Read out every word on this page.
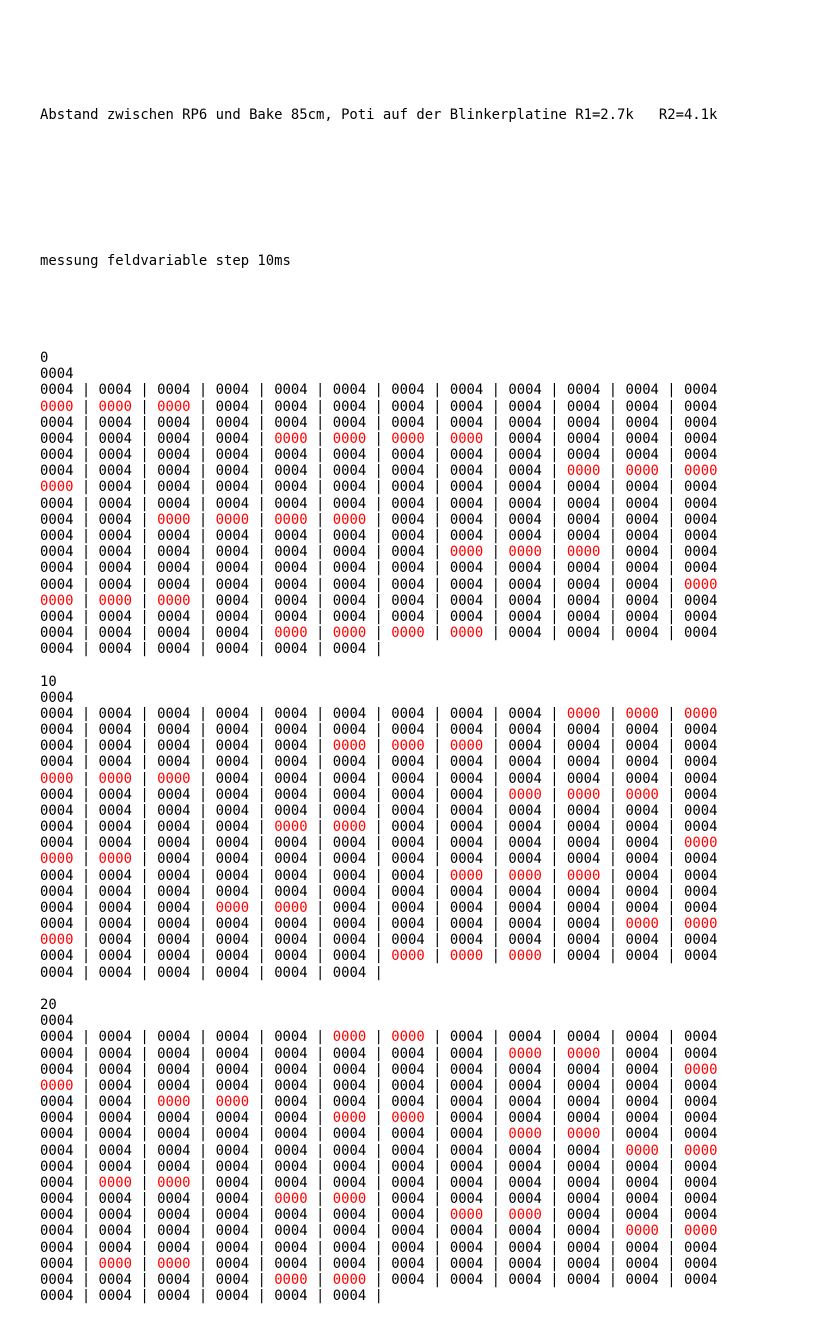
Abstand zwischen RP6 und Bake 85cm, Poti auf der Blinkerplatine R1=2.7k   R2=4.1k

messung feldvariable step 10ms

0
0004
0004 | 0004 | 0004 | 0004 | 0004 | 0004 | 0004 | 0004 | 0004 | 0004 | 0004 | 0004
0000 | 0000 | 0000 | 0004 | 0004 | 0004 | 0004 | 0004 | 0004 | 0004 | 0004 | 0004
0004 | 0004 | 0004 | 0004 | 0004 | 0004 | 0004 | 0004 | 0004 | 0004 | 0004 | 0004
0004 | 0004 | 0004 | 0004 | 0000 | 0000 | 0000 | 0000 | 0004 | 0004 | 0004 | 0004
0004 | 0004 | 0004 | 0004 | 0004 | 0004 | 0004 | 0004 | 0004 | 0004 | 0004 | 0004
0004 | 0004 | 0004 | 0004 | 0004 | 0004 | 0004 | 0004 | 0004 | 0000 | 0000 | 0000
0000 | 0004 | 0004 | 0004 | 0004 | 0004 | 0004 | 0004 | 0004 | 0004 | 0004 | 0004
0004 | 0004 | 0004 | 0004 | 0004 | 0004 | 0004 | 0004 | 0004 | 0004 | 0004 | 0004
0004 | 0004 | 0000 | 0000 | 0000 | 0000 | 0004 | 0004 | 0004 | 0004 | 0004 | 0004
0004 | 0004 | 0004 | 0004 | 0004 | 0004 | 0004 | 0004 | 0004 | 0004 | 0004 | 0004
0004 | 0004 | 0004 | 0004 | 0004 | 0004 | 0004 | 0000 | 0000 | 0000 | 0004 | 0004
0004 | 0004 | 0004 | 0004 | 0004 | 0004 | 0004 | 0004 | 0004 | 0004 | 0004 | 0004
0004 | 0004 | 0004 | 0004 | 0004 | 0004 | 0004 | 0004 | 0004 | 0004 | 0004 | 0000
0000 | 0000 | 0000 | 0004 | 0004 | 0004 | 0004 | 0004 | 0004 | 0004 | 0004 | 0004
0004 | 0004 | 0004 | 0004 | 0004 | 0004 | 0004 | 0004 | 0004 | 0004 | 0004 | 0004
0004 | 0004 | 0004 | 0004 | 0000 | 0000 | 0000 | 0000 | 0004 | 0004 | 0004 | 0004
0004 | 0004 | 0004 | 0004 | 0004 | 0004 |
10
0004
0004 | 0004 | 0004 | 0004 | 0004 | 0004 | 0004 | 0004 | 0004 | 0000 | 0000 | 0000
0004 | 0004 | 0004 | 0004 | 0004 | 0004 | 0004 | 0004 | 0004 | 0004 | 0004 | 0004
0004 | 0004 | 0004 | 0004 | 0004 | 0000 | 0000 | 0000 | 0004 | 0004 | 0004 | 0004
0004 | 0004 | 0004 | 0004 | 0004 | 0004 | 0004 | 0004 | 0004 | 0004 | 0004 | 0004
0000 | 0000 | 0000 | 0004 | 0004 | 0004 | 0004 | 0004 | 0004 | 0004 | 0004 | 0004
0004 | 0004 | 0004 | 0004 | 0004 | 0004 | 0004 | 0004 | 0000 | 0000 | 0000 | 0004
0004 | 0004 | 0004 | 0004 | 0004 | 0004 | 0004 | 0004 | 0004 | 0004 | 0004 | 0004
0004 | 0004 | 0004 | 0004 | 0000 | 0000 | 0004 | 0004 | 0004 | 0004 | 0004 | 0004
0004 | 0004 | 0004 | 0004 | 0004 | 0004 | 0004 | 0004 | 0004 | 0004 | 0004 | 0000
0000 | 0000 | 0004 | 0004 | 0004 | 0004 | 0004 | 0004 | 0004 | 0004 | 0004 | 0004
0004 | 0004 | 0004 | 0004 | 0004 | 0004 | 0004 | 0000 | 0000 | 0000 | 0004 | 0004
0004 | 0004 | 0004 | 0004 | 0004 | 0004 | 0004 | 0004 | 0004 | 0004 | 0004 | 0004
0004 | 0004 | 0004 | 0000 | 0000 | 0004 | 0004 | 0004 | 0004 | 0004 | 0004 | 0004
0004 | 0004 | 0004 | 0004 | 0004 | 0004 | 0004 | 0004 | 0004 | 0004 | 0000 | 0000
0000 | 0004 | 0004 | 0004 | 0004 | 0004 | 0004 | 0004 | 0004 | 0004 | 0004 | 0004
0004 | 0004 | 0004 | 0004 | 0004 | 0004 | 0000 | 0000 | 0000 | 0004 | 0004 | 0004
0004 | 0004 | 0004 | 0004 | 0004 | 0004 |
20
0004
0004 | 0004 | 0004 | 0004 | 0004 | 0000 | 0000 | 0004 | 0004 | 0004 | 0004 | 0004
0004 | 0004 | 0004 | 0004 | 0004 | 0004 | 0004 | 0004 | 0000 | 0000 | 0004 | 0004
0004 | 0004 | 0004 | 0004 | 0004 | 0004 | 0004 | 0004 | 0004 | 0004 | 0004 | 0000
0000 | 0004 | 0004 | 0004 | 0004 | 0004 | 0004 | 0004 | 0004 | 0004 | 0004 | 0004
0004 | 0004 | 0000 | 0000 | 0004 | 0004 | 0004 | 0004 | 0004 | 0004 | 0004 | 0004
0004 | 0004 | 0004 | 0004 | 0004 | 0000 | 0000 | 0004 | 0004 | 0004 | 0004 | 0004
0004 | 0004 | 0004 | 0004 | 0004 | 0004 | 0004 | 0004 | 0000 | 0000 | 0004 | 0004
0004 | 0004 | 0004 | 0004 | 0004 | 0004 | 0004 | 0004 | 0004 | 0004 | 0000 | 0000
0004 | 0004 | 0004 | 0004 | 0004 | 0004 | 0004 | 0004 | 0004 | 0004 | 0004 | 0004
0004 | 0000 | 0000 | 0004 | 0004 | 0004 | 0004 | 0004 | 0004 | 0004 | 0004 | 0004
0004 | 0004 | 0004 | 0004 | 0000 | 0000 | 0004 | 0004 | 0004 | 0004 | 0004 | 0004
0004 | 0004 | 0004 | 0004 | 0004 | 0004 | 0004 | 0000 | 0000 | 0004 | 0004 | 0004
0004 | 0004 | 0004 | 0004 | 0004 | 0004 | 0004 | 0004 | 0004 | 0004 | 0000 | 0000
0004 | 0004 | 0004 | 0004 | 0004 | 0004 | 0004 | 0004 | 0004 | 0004 | 0004 | 0004
0004 | 0000 | 0000 | 0004 | 0004 | 0004 | 0004 | 0004 | 0004 | 0004 | 0004 | 0004
0004 | 0004 | 0004 | 0004 | 0000 | 0000 | 0004 | 0004 | 0004 | 0004 | 0004 | 0004
0004 | 0004 | 0004 | 0004 | 0004 | 0004 |
